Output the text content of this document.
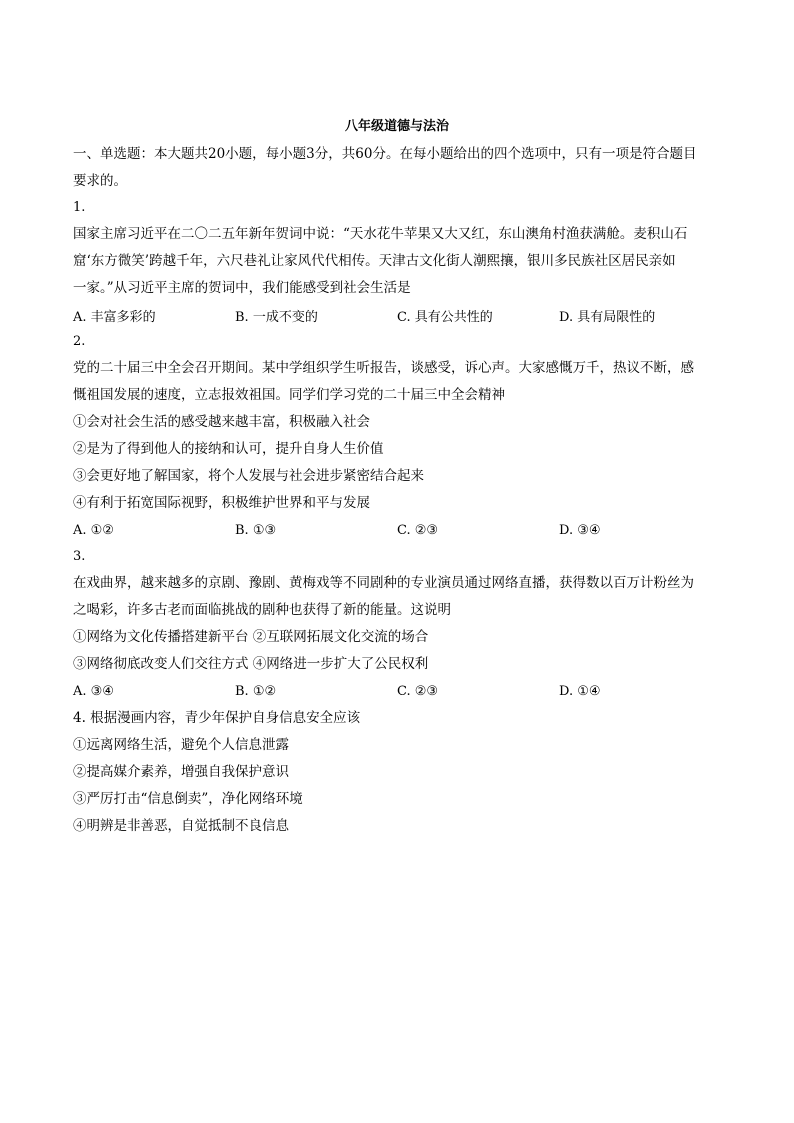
八年级道德与法治
一、单选题：本大题共20小题，每小题3分，共60分。在每小题给出的四个选项中，只有一项是符合题目
要求的。
1.
国家主席习近平在二〇二五年新年贺词中说：“天水花牛苹果又大又红，东山澳角村渔获满舱。麦积山石
窟‘东方微笑’跨越千年，六尺巷礼让家风代代相传。天津古文化街人潮熙攘，银川多民族社区居民亲如
一家。”从习近平主席的贺词中，我们能感受到社会生活是
A. 丰富多彩的	B. 一成不变的	C. 具有公共性的	D. 具有局限性的
2.
党的二十届三中全会召开期间。某中学组织学生听报告，谈感受，诉心声。大家感慨万千，热议不断，感
慨祖国发展的速度，立志报效祖国。同学们学习党的二十届三中全会精神
①会对社会生活的感受越来越丰富，积极融入社会
②是为了得到他人的接纳和认可，提升自身人生价值
③会更好地了解国家，将个人发展与社会进步紧密结合起来
④有利于拓宽国际视野，积极维护世界和平与发展
A. ①②	B. ①③	C. ②③	D. ③④
3.
在戏曲界，越来越多的京剧、豫剧、黄梅戏等不同剧种的专业演员通过网络直播，获得数以百万计粉丝为
之喝彩，许多古老而面临挑战的剧种也获得了新的能量。这说明
①网络为文化传播搭建新平台 ②互联网拓展文化交流的场合
③网络彻底改变人们交往方式 ④网络进一步扩大了公民权利
A. ③④	B. ①②	C. ②③	D. ①④
4. 根据漫画内容，青少年保护自身信息安全应该
①远离网络生活，避免个人信息泄露
②提高媒介素养，增强自我保护意识
③严厉打击“信息倒卖”，净化网络环境
④明辨是非善恶，自觉抵制不良信息
